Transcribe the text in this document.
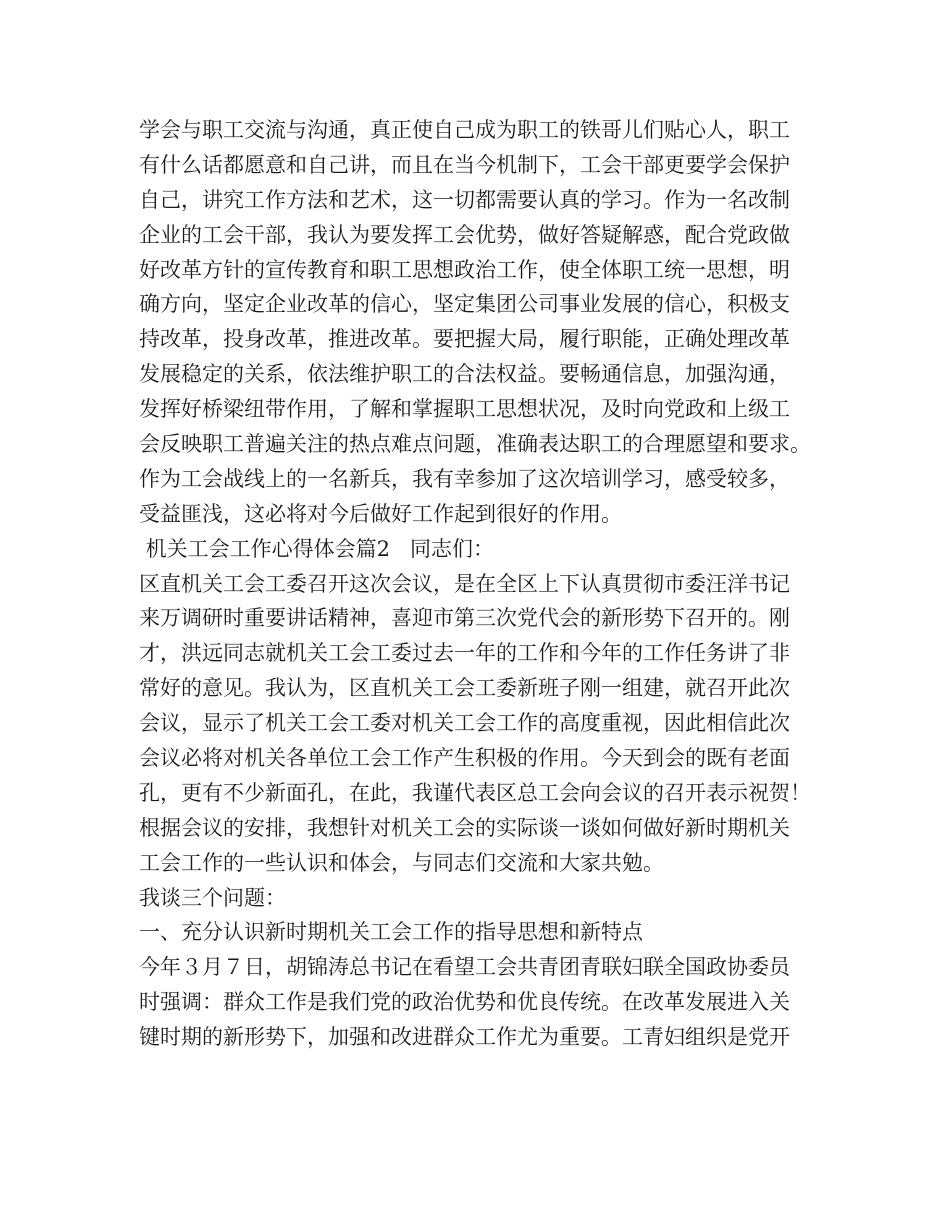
学会与职工交流与沟通，真正使自己成为职工的铁哥儿们贴心人，职工
有什么话都愿意和自己讲，而且在当今机制下，工会干部更要学会保护
自己，讲究工作方法和艺术，这一切都需要认真的学习。作为一名改制
企业的工会干部，我认为要发挥工会优势，做好答疑解惑，配合党政做
好改革方针的宣传教育和职工思想政治工作，使全体职工统一思想，明
确方向，坚定企业改革的信心，坚定集团公司事业发展的信心，积极支
持改革，投身改革，推进改革。要把握大局，履行职能，正确处理改革
发展稳定的关系，依法维护职工的合法权益。要畅通信息，加强沟通，
发挥好桥梁纽带作用，了解和掌握职工思想状况，及时向党政和上级工
会反映职工普遍关注的热点难点问题，准确表达职工的合理愿望和要求。
作为工会战线上的一名新兵，我有幸参加了这次培训学习，感受较多，
受益匪浅，这必将对今后做好工作起到很好的作用。
机关工会工作心得体会篇2   同志们：
区直机关工会工委召开这次会议，是在全区上下认真贯彻市委汪洋书记
来万调研时重要讲话精神，喜迎市第三次党代会的新形势下召开的。刚
才，洪远同志就机关工会工委过去一年的工作和今年的工作任务讲了非
常好的意见。我认为，区直机关工会工委新班子刚一组建，就召开此次
会议，显示了机关工会工委对机关工会工作的高度重视，因此相信此次
会议必将对机关各单位工会工作产生积极的作用。今天到会的既有老面
孔，更有不少新面孔，在此，我谨代表区总工会向会议的召开表示祝贺！
根据会议的安排，我想针对机关工会的实际谈一谈如何做好新时期机关
工会工作的一些认识和体会，与同志们交流和大家共勉。
我谈三个问题：
一、充分认识新时期机关工会工作的指导思想和新特点
今年３月７日，胡锦涛总书记在看望工会共青团青联妇联全国政协委员
时强调：群众工作是我们党的政治优势和优良传统。在改革发展进入关
键时期的新形势下，加强和改进群众工作尤为重要。工青妇组织是党开
